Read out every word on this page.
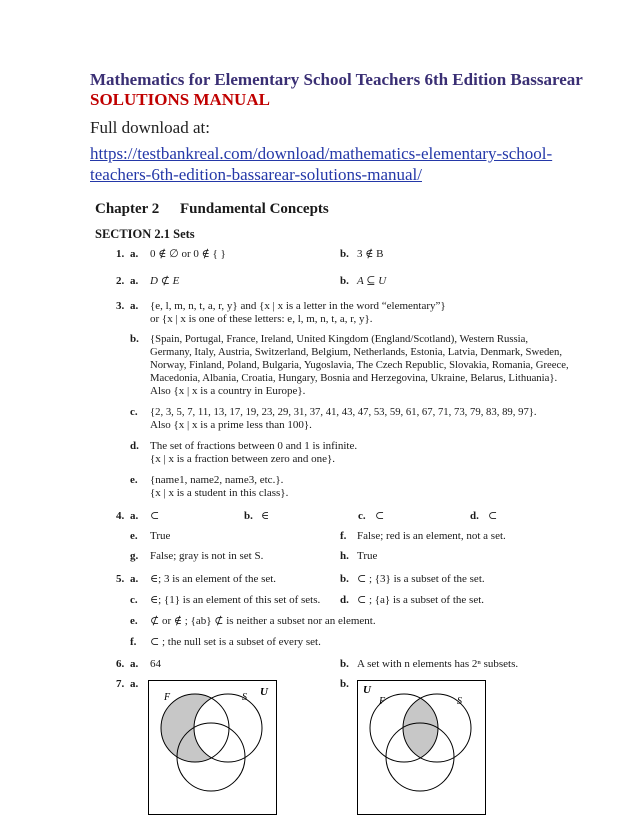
Mathematics for Elementary School Teachers 6th Edition Bassarear
SOLUTIONS MANUAL
Full download at:
https://testbankreal.com/download/mathematics-elementary-school-teachers-6th-edition-bassarear-solutions-manual/
Chapter 2 Fundamental Concepts
SECTION 2.1 Sets
1. a. 0 ∉ ∅ or 0 ∉ { }	b. 3 ∉ B
2. a. D ⊄ E	b. A ⊆ U
3. a. {e, l, m, n, t, a, r, y} and {x | x is a letter in the word “elementary”}
or {x | x is one of these letters: e, l, m, n, t, a, r, y}.
b. {Spain, Portugal, France, Ireland, United Kingdom (England/Scotland), Western Russia, Germany, Italy, Austria, Switzerland, Belgium, Netherlands, Estonia, Latvia, Denmark, Sweden, Norway, Finland, Poland, Bulgaria, Yugoslavia, The Czech Republic, Slovakia, Romania, Greece, Macedonia, Albania, Croatia, Hungary, Bosnia and Herzegovina, Ukraine, Belarus, Lithuania}.
Also {x | x is a country in Europe}.
c. {2, 3, 5, 7, 11, 13, 17, 19, 23, 29, 31, 37, 41, 43, 47, 53, 59, 61, 67, 71, 73, 79, 83, 89, 97}.
Also {x | x is a prime less than 100}.
d. The set of fractions between 0 and 1 is infinite.
{x | x is a fraction between zero and one}.
e. {name1, name2, name3, etc.}.
{x | x is a student in this class}.
4. a. ⊂	b. ∈	c. ⊂	d. ⊂
e. True	f. False; red is an element, not a set.
g. False; gray is not in set S.	h. True
5. a. ∈; 3 is an element of the set.	b. ⊂ ; {3} is a subset of the set.
c. ∈; {1} is an element of this set of sets. d. ⊂ ; {a} is a subset of the set.
e. ⊄ or ∉ ; {ab} ⊄ is neither a subset nor an element.
f. ⊂ ; the null set is a subset of every set.
6. a. 64	b. A set with n elements has 2ⁿ subsets.
7. a.	b.
U
F	S
U
F	S
